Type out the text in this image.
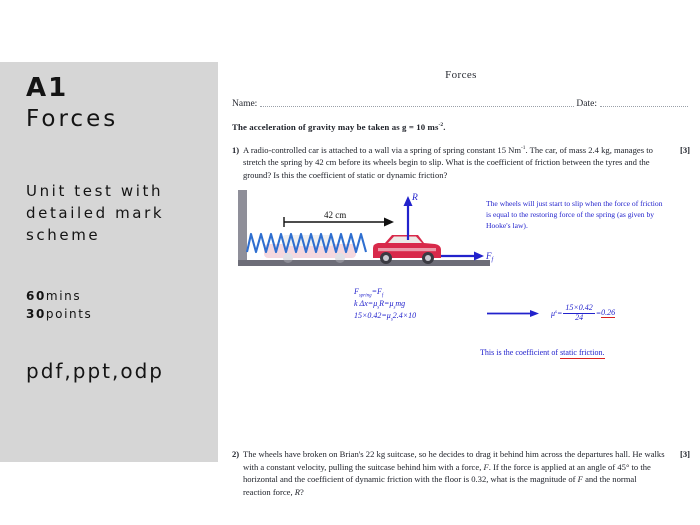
A1
Forces
Unit test with detailed mark scheme
60mins
30points
pdf,ppt,odp
Forces
Name:	Date:
The acceleration of gravity may be taken as g = 10 $ms^{-2}$.
1) A radio-controlled car is attached to a wall via a spring of spring constant 15 $Nm^{-1}$. The car, of mass 2.4 kg, manages to stretch the spring by 42 cm before its wheels begin to slip. What is the coefficient of friction between the tyres and the ground? Is this the coefficient of static or dynamic friction?
[3]
42 cm
R
$F_f$
The wheels will just start to slip when the force of friction is equal to the restoring force of the spring (as given by Hooke's law).
$F_{spring}=F_f$
k $\Delta x=\mu_sR=\mu_smg$
$15\times 0.42=\mu_s2.4\times 10$	μ $s = \frac{15\times 0.42}{24} = 0.26$
This is the coefficient of static friction.
2) The wheels have broken on Brian's 22 kg suitcase, so he decides to drag it behind him across the departures hall. He walks with a constant velocity, pulling the suitcase behind him with a force, F. If the force is applied at an angle of 45° to the horizontal and the coefficient of dynamic friction with the floor is 0.32, what is the magnitude of F and the normal reaction force, R?
[3]
